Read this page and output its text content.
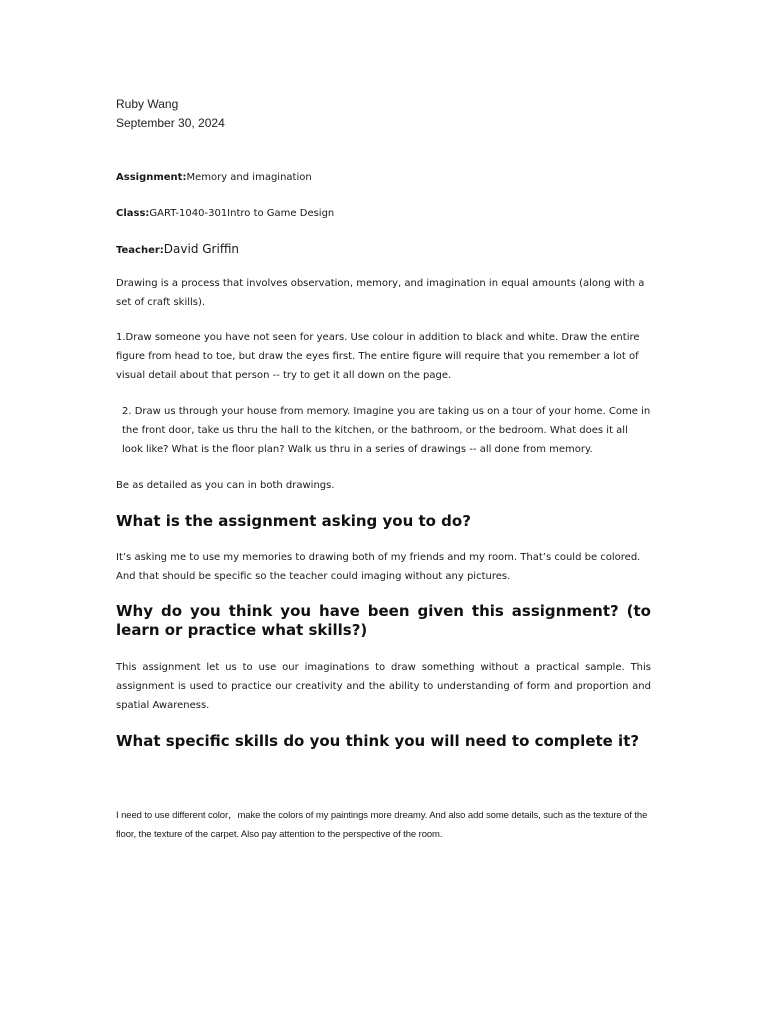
Ruby Wang

September 30, 2024

Assignment:Memory and imagination

Class:GART-1040-301Intro to Game Design

Teacher:David Griffin

Drawing is a process that involves observation, memory, and imagination in equal amounts (along with a set of craft skills).

1.Draw someone you have not seen for years. Use colour in addition to black and white. Draw the entire figure from head to toe, but draw the eyes first. The entire figure will require that you remember a lot of visual detail about that person -- try to get it all down on the page.

2. Draw us through your house from memory. Imagine you are taking us on a tour of your home. Come in the front door, take us thru the hall to the kitchen, or the bathroom, or the bedroom. What does it all look like? What is the floor plan? Walk us thru in a series of drawings -- all done from memory.

Be as detailed as you can in both drawings.

What is the assignment asking you to do?

It’s asking me to use my memories to drawing both of my friends and my room. That’s could be colored. And that should be specific so the teacher could imaging without any pictures.

Why do you think you have been given this assignment? (to learn or practice what skills?)

This assignment let us to use our imaginations to draw something without a practical sample. This assignment is used to practice our creativity and the ability to understanding of form and proportion and spatial Awareness.

What specific skills do you think you will need to complete it?

I need to use different color，make the colors of my paintings more dreamy. And also add some details, such as the texture of the floor, the texture of the carpet. Also pay attention to the perspective of the room.
